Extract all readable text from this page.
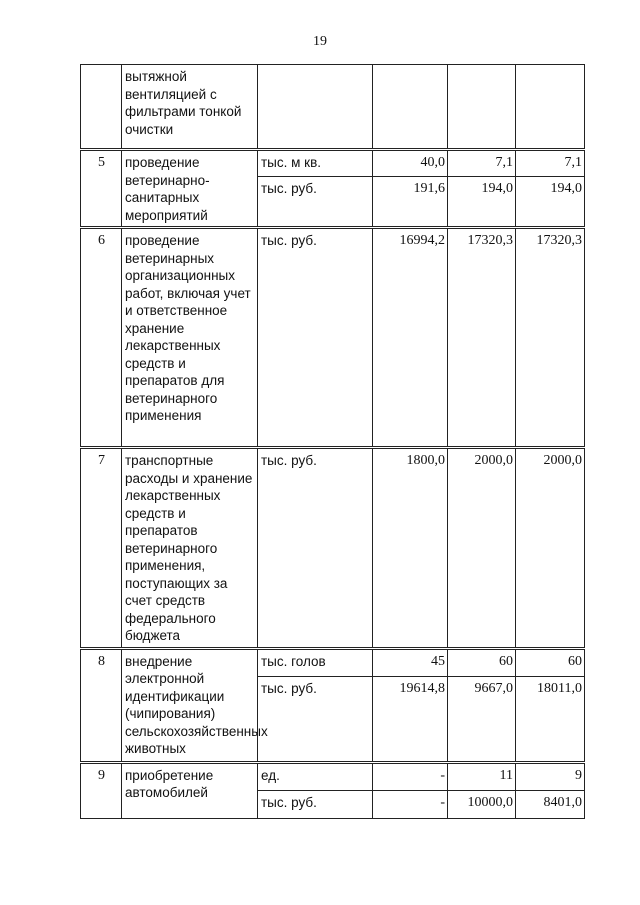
19
	вытяжной вентиляцией с фильтрами тонкой очистки				
5	проведение ветеринарно-санитарных мероприятий	тыс. м кв.	40,0	7,1	7,1
		тыс. руб.	191,6	194,0	194,0
6	проведение ветеринарных организационных работ, включая учет и ответственное хранение лекарственных средств и препаратов для ветеринарного применения	тыс. руб.	16994,2	17320,3	17320,3
7	транспортные расходы и хранение лекарственных средств и препаратов ветеринарного применения, поступающих за счет средств федерального бюджета	тыс. руб.	1800,0	2000,0	2000,0
8	внедрение электронной идентификации (чипирования) сельскохозяйственных животных	тыс. голов	45	60	60
		тыс. руб.	19614,8	9667,0	18011,0
9	приобретение автомобилей	ед.	-	11	9
		тыс. руб.	-	10000,0	8401,0
